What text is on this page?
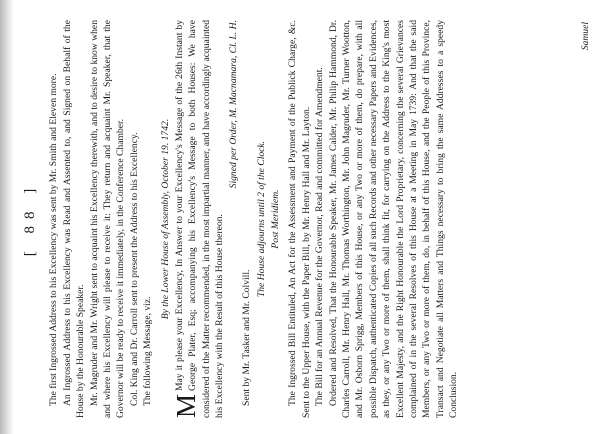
[ 88 ] The first Ingrossed Address to his Excellency was sent by Mr. Smith and Eleven more. An Ingrossed Address to his Excellency was Read and Assented to, and Signed on Behalf of the House by the Honourable Speaker. Mr. Magruder and Mr. Wright sent to acquaint his Excellency therewith, and to desire to know when and where his Excellency will please to receive it: They return and acquaint Mr. Speaker, that the Governor will be ready to receive it immediately, in the Conference Chamber. Col. King and Dr. Carroll sent to present the Address to his Excellency. The following Message, viz.

By the Lower House of Assembly, October 19. 1742.

M
May it please your Excellency, In Answer to your Excellency's Message of the 26th Instant by George Plater, Esq; accompanying his Excellency's Message to both Houses: We have considered of the Matter recommended, in the most impartial manner, and have accordingly acquainted his Excellency with the Result of this House thereon.

Signed per Order, M. Macnamara, Cl. L. H.

Sent by Mr. Tasker and Mr. Colvill.

The House adjourns until 2 of the Clock. Post Meridiem. The Ingrossed Bill Entituled, An Act for the Assessment and Payment of the Publick Charge, &c. Sent to the Upper House, with the Paper Bill, by Mr. Henry Hall and Mr. Layton. The Bill for an Annual Revenue for the Governor, Read and committed for Amendment. Ordered and Resolved, That the Honourable Speaker, Mr. James Calder, Mr. Philip Hammond, Dr. Charles Carroll, Mr. Henry Hall, Mr. Thomas Worthington, Mr. John Magruder, Mr. Turner Wootton, and Mr. Osborn Sprigg, Members of this House, or any Two or more of them, do prepare, with all possible Dispatch, authenticated Copies of all such Records and other necessary Papers and Evidences, as they, or any Two or more of them, shall think fit, for carrying on the Address to the King's most Excellent Majesty, and the Right Honourable the Lord Proprietary, concerning the several Grievances complained of in the several Resolves of this House at a Meeting in May 1739: And that the said Members, or any Two or more of them, do, in behalf of this House, and the People of this Province, Transact and Negotiate all Matters and Things necessary to bring the same Addresses to a speedy Conclusion.

Samuel
